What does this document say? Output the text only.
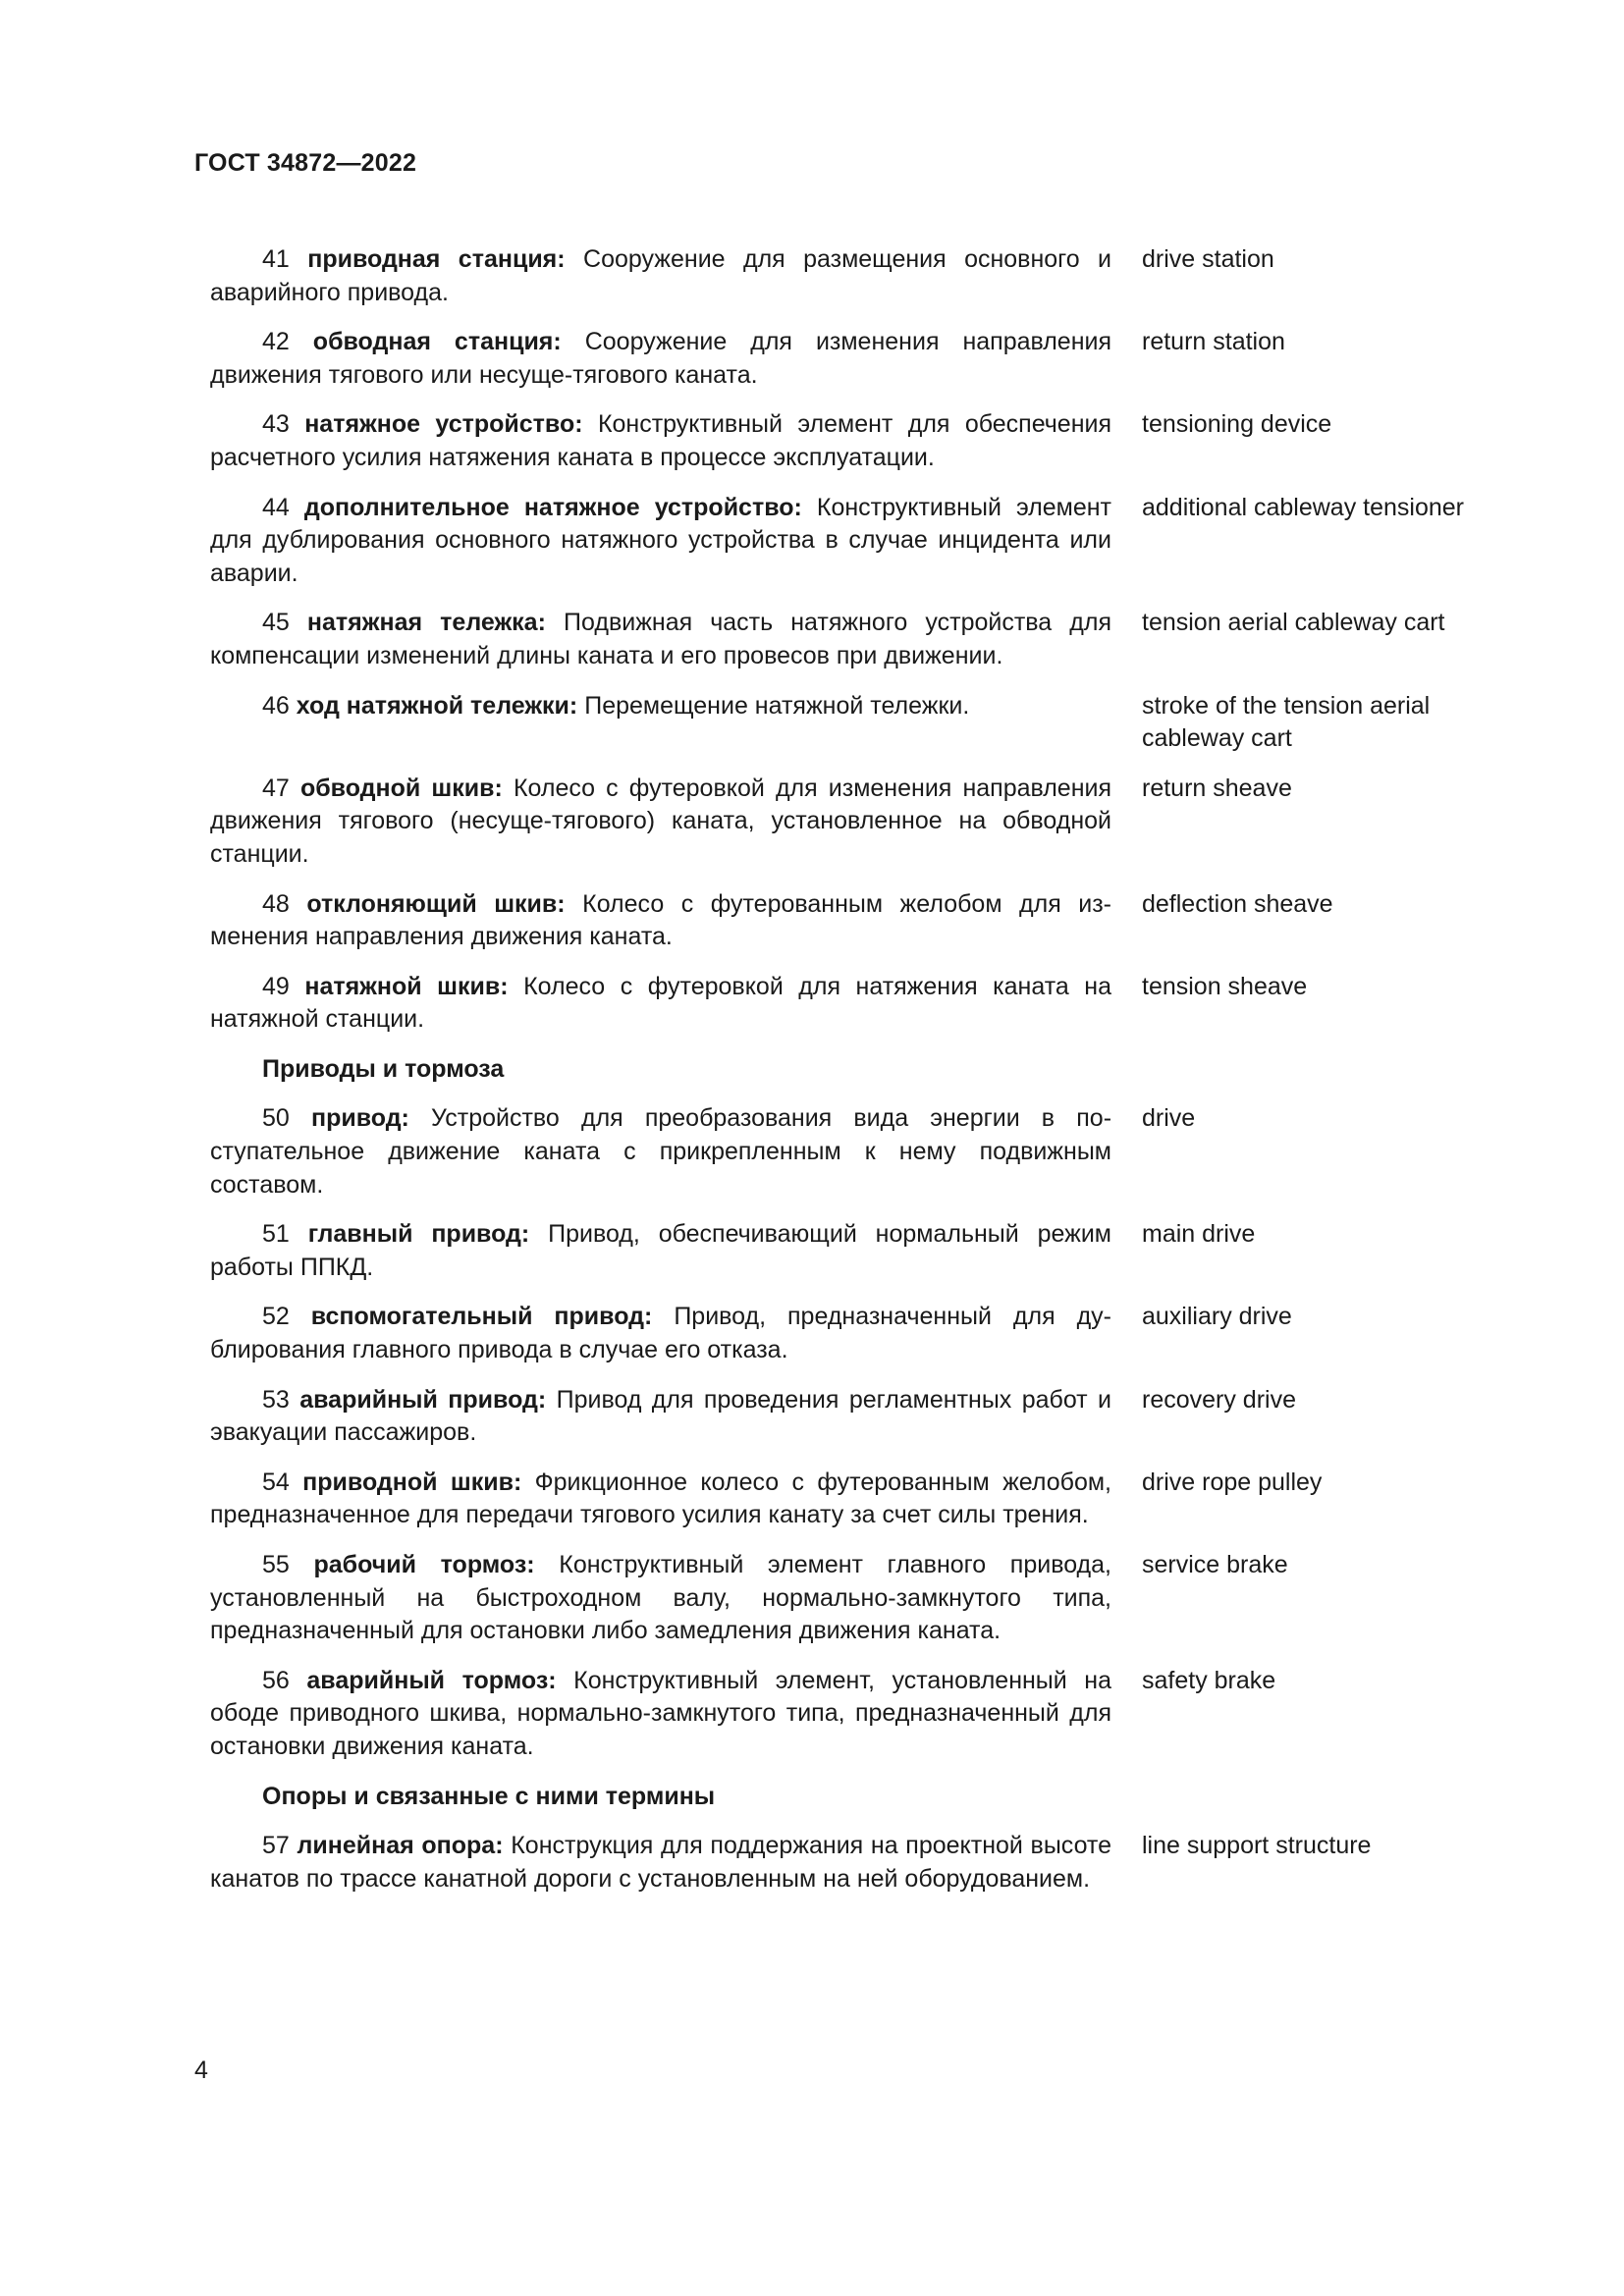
ГОСТ 34872—2022
41 приводная станция: Сооружение для размещения основного и аварийного привода.
drive station
42 обводная станция: Сооружение для изменения направления движения тягового или несуще-тягового каната.
return station
43 натяжное устройство: Конструктивный элемент для обеспечения расчетного усилия натяжения каната в процессе эксплуатации.
tensioning device
44 дополнительное натяжное устройство: Конструктивный элемент для дублирования основного натяжного устройства в случае инцидента или аварии.
additional cableway tensioner
45 натяжная тележка: Подвижная часть натяжного устройства для компенсации изменений длины каната и его провесов при движении.
tension aerial cableway cart
46 ход натяжной тележки: Перемещение натяжной тележки.	stroke of the tension aerial cableway cart
47 обводной шкив: Колесо с футеровкой для изменения направления движения тягового (несуще-тягового) каната, установленное на обводной станции.
return sheave
48 отклоняющий шкив: Колесо с футерованным желобом для изменения направления движения каната.
deflection sheave
49 натяжной шкив: Колесо с футеровкой для натяжения каната на натяжной станции.
tension sheave
Приводы и тормоза
50 привод: Устройство для преобразования вида энергии в поступательное движение каната с прикрепленным к нему подвижным составом.
drive
51 главный привод: Привод, обеспечивающий нормальный режим работы ППКД.
main drive
52 вспомогательный привод: Привод, предназначенный для дублирования главного привода в случае его отказа.
auxiliary drive
53 аварийный привод: Привод для проведения регламентных работ и эвакуации пассажиров.
recovery drive
54 приводной шкив: Фрикционное колесо с футерованным желобом, предназначенное для передачи тягового усилия канату за счет силы трения.
drive rope pulley
55 рабочий тормоз: Конструктивный элемент главного привода, установленный на быстроходном валу, нормально-замкнутого типа, предназначенный для остановки либо замедления движения каната.
service brake
56 аварийный тормоз: Конструктивный элемент, установленный на ободе приводного шкива, нормально-замкнутого типа, предназначенный для остановки движения каната.
safety brake
Опоры и связанные с ними термины
57 линейная опора: Конструкция для поддержания на проектной высоте канатов по трассе канатной дороги с установленным на ней оборудованием.
line support structure
4
